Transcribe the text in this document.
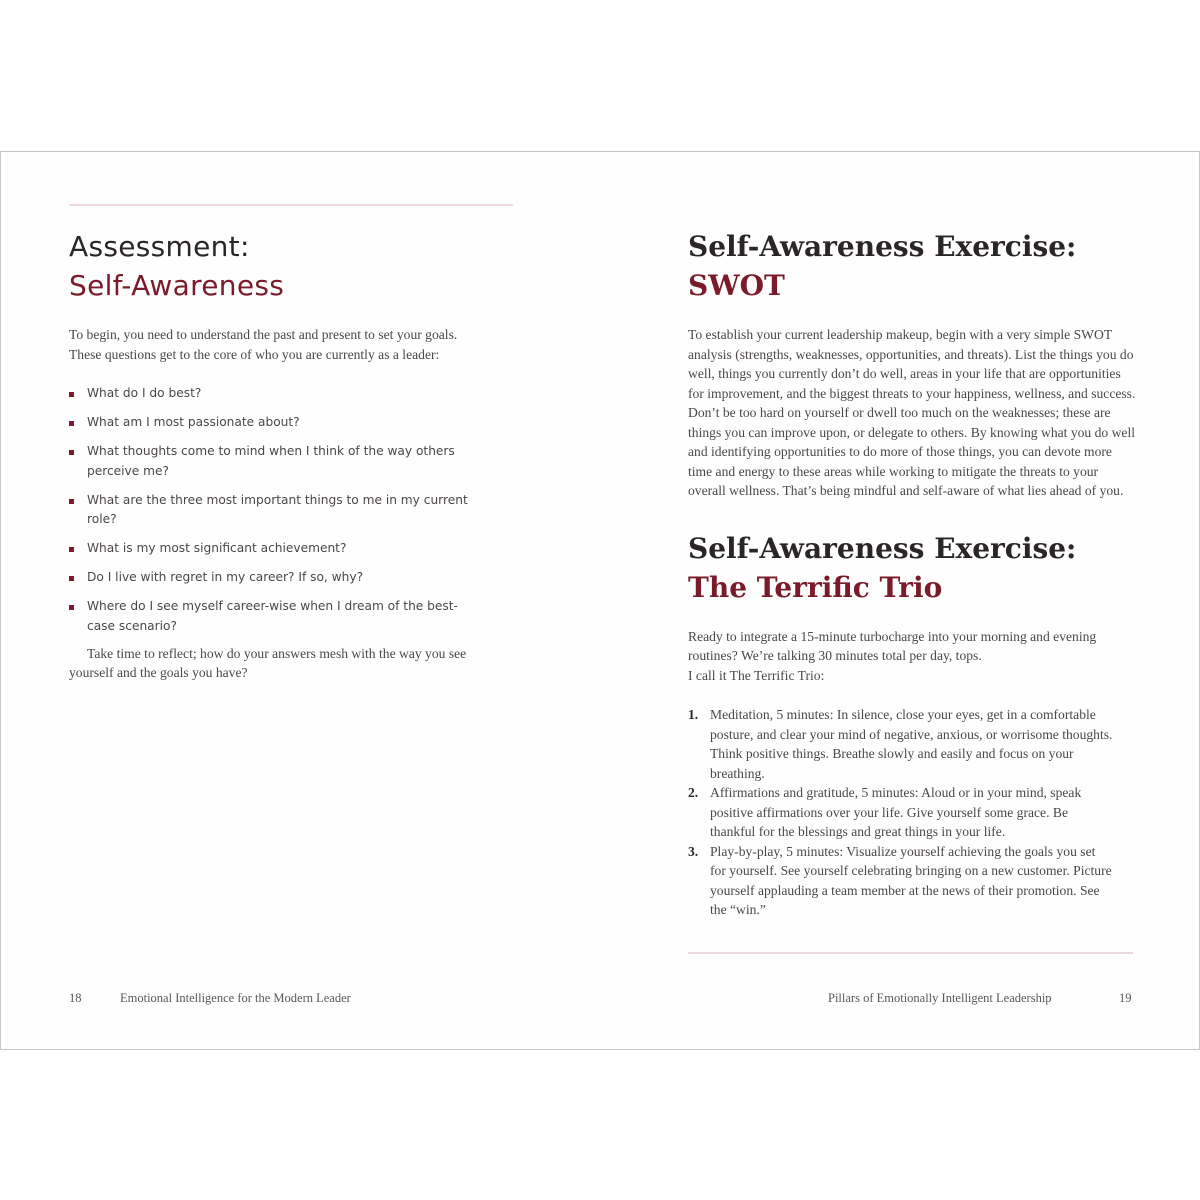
Assessment:
Self-Awareness

To begin, you need to understand the past and present to set your goals. These questions get to the core of who you are currently as a leader:

What do I do best?
What am I most passionate about?
What thoughts come to mind when I think of the way others perceive me?
What are the three most important things to me in my current role?
What is my most significant achievement?
Do I live with regret in my career? If so, why?
Where do I see myself career-wise when I dream of the best-case scenario?

Take time to reflect; how do your answers mesh with the way you see yourself and the goals you have?

18	Emotional Intelligence for the Modern Leader
Self-Awareness Exercise:
SWOT

To establish your current leadership makeup, begin with a very simple SWOT analysis (strengths, weaknesses, opportunities, and threats). List the things you do well, things you currently don’t do well, areas in your life that are opportunities for improvement, and the biggest threats to your happiness, wellness, and success. Don’t be too hard on yourself or dwell too much on the weaknesses; these are things you can improve upon, or delegate to others. By knowing what you do well and identifying opportunities to do more of those things, you can devote more time and energy to these areas while working to mitigate the threats to your overall wellness. That’s being mindful and self-aware of what lies ahead of you.

Self-Awareness Exercise:
The Terrific Trio

Ready to integrate a 15-minute turbocharge into your morning and evening routines? We’re talking 30 minutes total per day, tops.

I call it The Terrific Trio:

1. Meditation, 5 minutes: In silence, close your eyes, get in a comfortable posture, and clear your mind of negative, anxious, or worrisome thoughts. Think positive things. Breathe slowly and easily and focus on your breathing.
2. Affirmations and gratitude, 5 minutes: Aloud or in your mind, speak positive affirmations over your life. Give yourself some grace. Be thankful for the blessings and great things in your life.
3. Play-by-play, 5 minutes: Visualize yourself achieving the goals you set for yourself. See yourself celebrating bringing on a new customer. Picture yourself applauding a team member at the news of their promotion. See the “win.”
Pillars of Emotionally Intelligent Leadership	19
